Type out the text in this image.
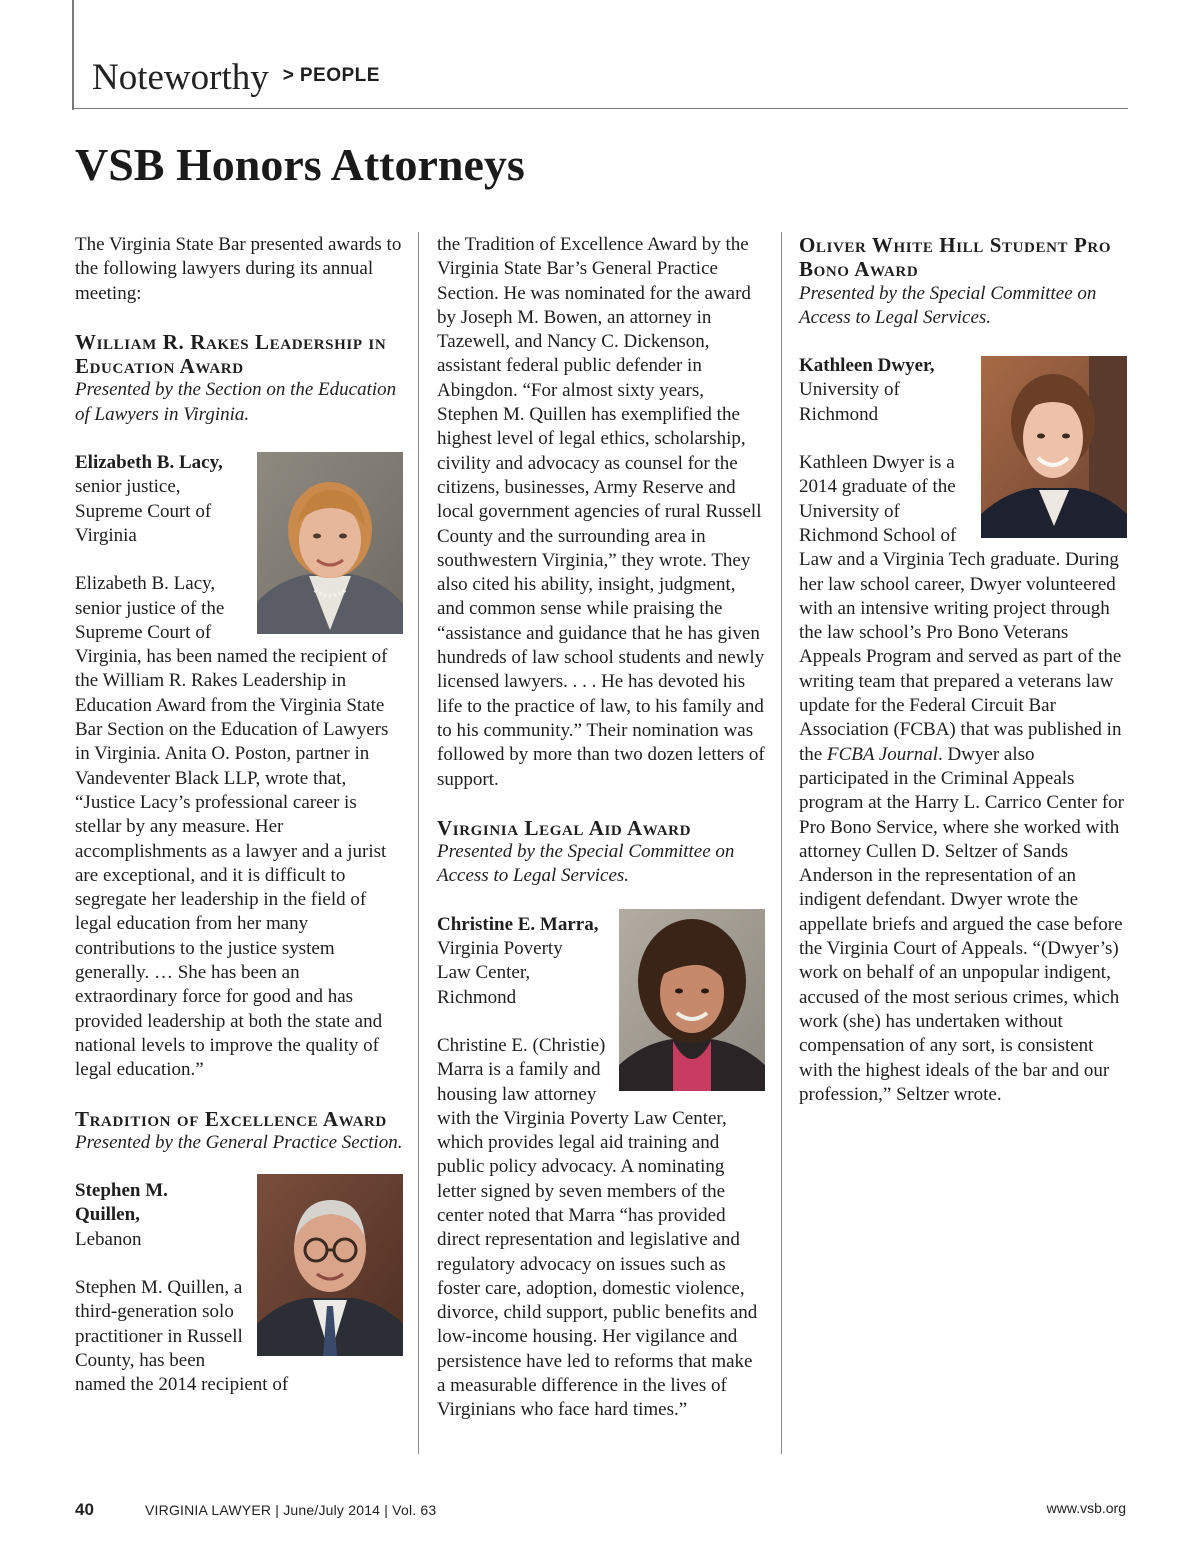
Noteworthy > PEOPLE
VSB Honors Attorneys

The Virginia State Bar presented awards to the following lawyers during its annual meeting:

William R. Rakes Leadership in Education Award

Presented by the Section on the Education of Lawyers in Virginia.

Elizabeth B. Lacy,

senior justice,

Supreme Court of

Virginia

Elizabeth B. Lacy, senior justice of the Supreme Court of Virginia, has been named the recipient of the William R. Rakes Leadership in Education Award from the Virginia State Bar Section on the Education of Lawyers in Virginia. Anita O. Poston, partner in Vandeventer Black LLP, wrote that, “Justice Lacy’s professional career is stellar by any measure. Her accomplishments as a lawyer and a jurist are exceptional, and it is difficult to segregate her leadership in the field of legal education from her many contributions to the justice system generally. … She has been an extraordinary force for good and has provided leadership at both the state and national levels to improve the quality of legal education.”

Tradition of Excellence Award

Presented by the General Practice Section.

Stephen M.

Quillen,

Lebanon

Stephen M. Quillen, a third-generation solo practitioner in Russell County, has been named the 2014 recipient of

the Tradition of Excellence Award by the Virginia State Bar’s General Practice Section. He was nominated for the award by Joseph M. Bowen, an attorney in Tazewell, and Nancy C. Dickenson, assistant federal public defender in Abingdon. “For almost sixty years, Stephen M. Quillen has exemplified the highest level of legal ethics, scholarship, civility and advocacy as counsel for the citizens, businesses, Army Reserve and local government agencies of rural Russell County and the surrounding area in southwestern Virginia,” they wrote. They also cited his ability, insight, judgment, and common sense while praising the “assistance and guidance that he has given hundreds of law school students and newly licensed lawyers. . . . He has devoted his life to the practice of law, to his family and to his community.” Their nomination was followed by more than two dozen letters of support.

Virginia Legal Aid Award

Presented by the Special Committee on Access to Legal Services.

Christine E. Marra,

Virginia Poverty

Law Center,

Richmond

Christine E. (Christie) Marra is a family and housing law attorney with the Virginia Poverty Law Center, which provides legal aid training and public policy advocacy. A nominating letter signed by seven members of the center noted that Marra “has provided direct representation and legislative and regulatory advocacy on issues such as foster care, adoption, domestic violence, divorce, child support, public benefits and low-income housing. Her vigilance and persistence have led to reforms that make a measurable difference in the lives of Virginians who face hard times.”

Oliver White Hill Student Pro Bono Award

Presented by the Special Committee on Access to Legal Services.

Kathleen Dwyer,

University of

Richmond

Kathleen Dwyer is a 2014 graduate of the University of Richmond School of Law and a Virginia Tech graduate. During her law school career, Dwyer volunteered with an intensive writing project through the law school’s Pro Bono Veterans Appeals Program and served as part of the writing team that prepared a veterans law update for the Federal Circuit Bar Association (FCBA) that was published in the FCBA Journal. Dwyer also participated in the Criminal Appeals program at the Harry L. Carrico Center for Pro Bono Service, where she worked with attorney Cullen D. Seltzer of Sands Anderson in the representation of an indigent defendant. Dwyer wrote the appellate briefs and argued the case before the Virginia Court of Appeals. “(Dwyer’s) work on behalf of an unpopular indigent, accused of the most serious crimes, which work (she) has undertaken without compensation of any sort, is consistent with the highest ideals of the bar and our profession,” Seltzer wrote.

40	VIRGINIA LAWYER | June/July 2014 | Vol. 63	www.vsb.org
